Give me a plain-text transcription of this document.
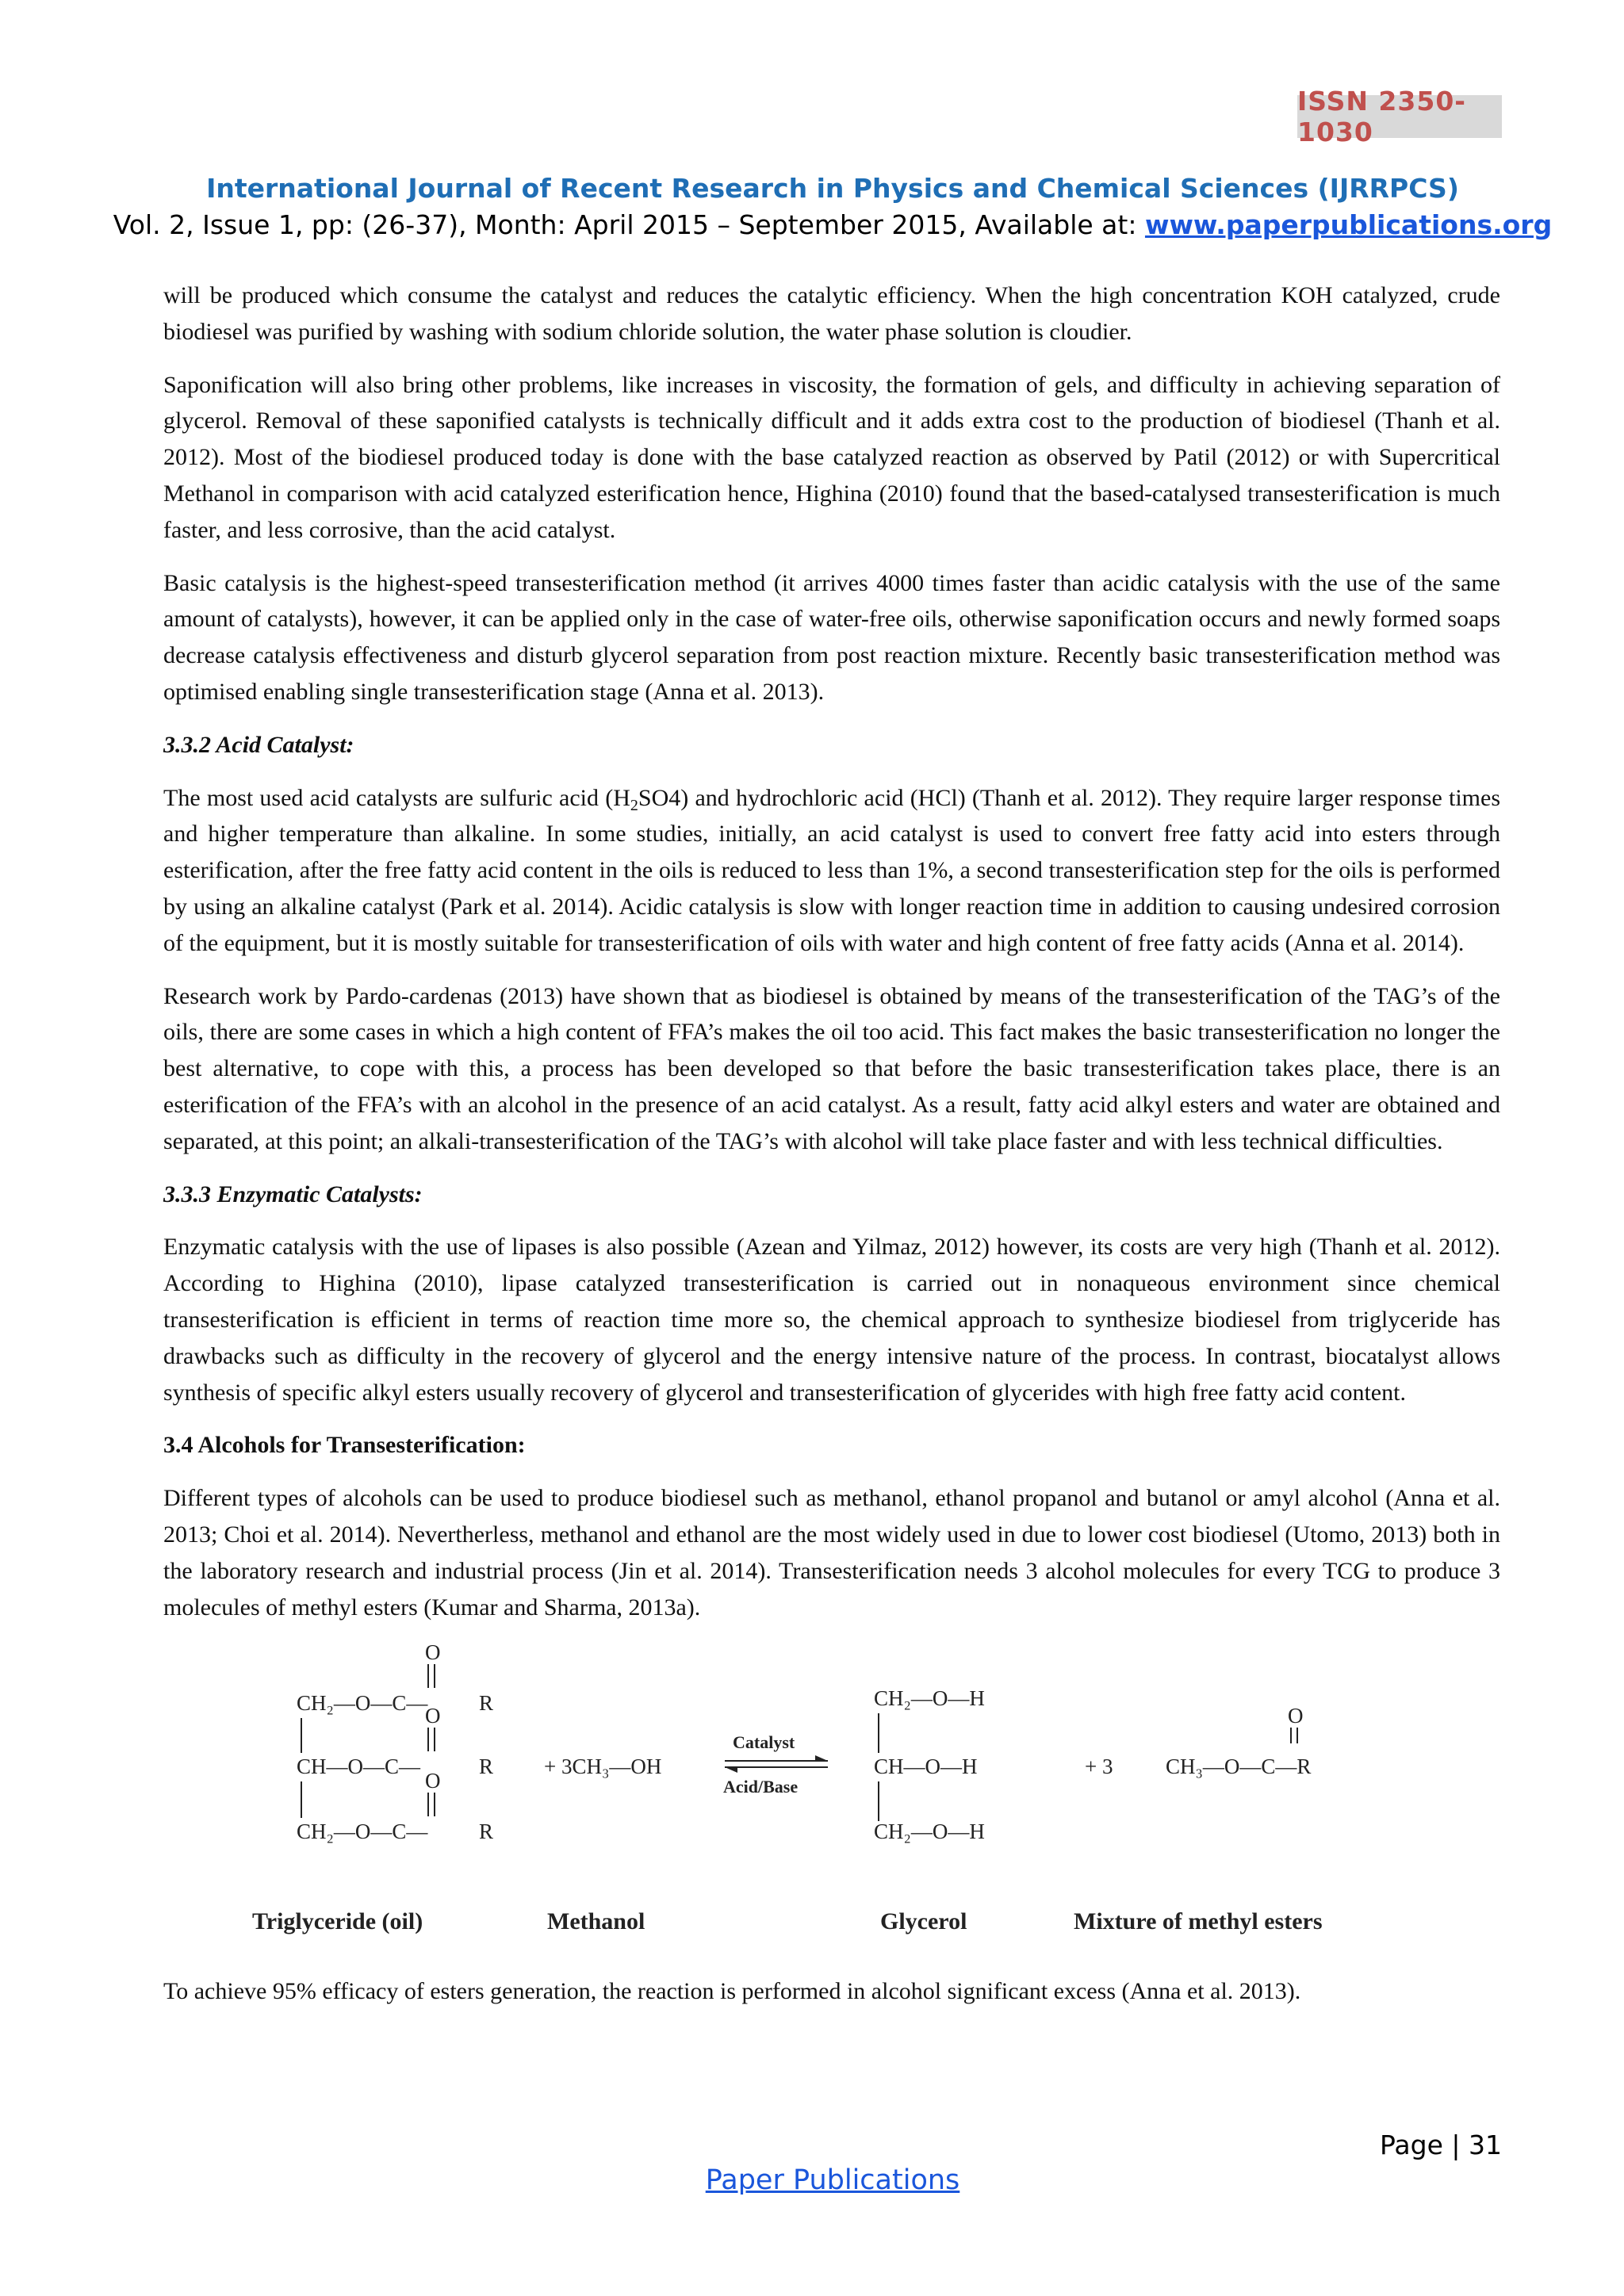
ISSN 2350-1030
International Journal of Recent Research in Physics and Chemical Sciences (IJRRPCS)
Vol. 2, Issue 1, pp: (26-37), Month: April 2015 – September 2015, Available at: www.paperpublications.org

will be produced which consume the catalyst and reduces the catalytic efficiency. When the high concentration KOH catalyzed, crude biodiesel was purified by washing with sodium chloride solution, the water phase solution is cloudier.

Saponification will also bring other problems, like increases in viscosity, the formation of gels, and difficulty in achieving separation of glycerol. Removal of these saponified catalysts is technically difficult and it adds extra cost to the production of biodiesel (Thanh et al. 2012). Most of the biodiesel produced today is done with the base catalyzed reaction as observed by Patil (2012) or with Supercritical Methanol in comparison with acid catalyzed esterification hence, Highina (2010) found that the based-catalysed transesterification is much faster, and less corrosive, than the acid catalyst.

Basic catalysis is the highest-speed transesterification method (it arrives 4000 times faster than acidic catalysis with the use of the same amount of catalysts), however, it can be applied only in the case of water-free oils, otherwise saponification occurs and newly formed soaps decrease catalysis effectiveness and disturb glycerol separation from post reaction mixture. Recently basic transesterification method was optimised enabling single transesterification stage (Anna et al. 2013).

3.3.2 Acid Catalyst:

The most used acid catalysts are sulfuric acid $(H_2SO4)$ and hydrochloric acid (HCl) (Thanh et al. 2012). They require larger response times and higher temperature than alkaline. In some studies, initially, an acid catalyst is used to convert free fatty acid into esters through esterification, after the free fatty acid content in the oils is reduced to less than 1%, a second transesterification step for the oils is performed by using an alkaline catalyst (Park et al. 2014). Acidic catalysis is slow with longer reaction time in addition to causing undesired corrosion of the equipment, but it is mostly suitable for transesterification of oils with water and high content of free fatty acids (Anna et al. 2014).

Research work by Pardo-cardenas (2013) have shown that as biodiesel is obtained by means of the transesterification of the TAG’s of the oils, there are some cases in which a high content of FFA’s makes the oil too acid. This fact makes the basic transesterification no longer the best alternative, to cope with this, a process has been developed so that before the basic transesterification takes place, there is an esterification of the FFA’s with an alcohol in the presence of an acid catalyst. As a result, fatty acid alkyl esters and water are obtained and separated, at this point; an alkali-transesterification of the TAG’s with alcohol will take place faster and with less technical difficulties.

3.3.3 Enzymatic Catalysts:

Enzymatic catalysis with the use of lipases is also possible (Azean and Yilmaz, 2012) however, its costs are very high (Thanh et al. 2012). According to Highina (2010), lipase catalyzed transesterification is carried out in nonaqueous environment since chemical transesterification is efficient in terms of reaction time more so, the chemical approach to synthesize biodiesel from triglyceride has drawbacks such as difficulty in the recovery of glycerol and the energy intensive nature of the process. In contrast, biocatalyst allows synthesis of specific alkyl esters usually recovery of glycerol and transesterification of glycerides with high free fatty acid content.

3.4 Alcohols for Transesterification:

Different types of alcohols can be used to produce biodiesel such as methanol, ethanol propanol and butanol or amyl alcohol (Anna et al. 2013; Choi et al. 2014). Nevertherless, methanol and ethanol are the most widely used in due to lower cost biodiesel (Utomo, 2013) both in the laboratory research and industrial process (Jin et al. 2014). Transesterification needs 3 alcohol molecules for every TCG to produce 3 molecules of methyl esters (Kumar and Sharma, 2013a).

+ 3CH₃—OH
Catalyst
Acid/Base
CH₂—O—H
CH—O—H
CH₂—O—H
+ 3
O
CH₃—O—C—R
Triglyceride (oil)	Methanol	Glycerol	Mixture of methyl esters
CH₂—O—C—
CH—O—C—
CH₂—O—C—
R
R
R
O
O
O

To achieve 95% efficacy of esters generation, the reaction is performed in alcohol significant excess (Anna et al. 2013).

Page | 31
Paper Publications
